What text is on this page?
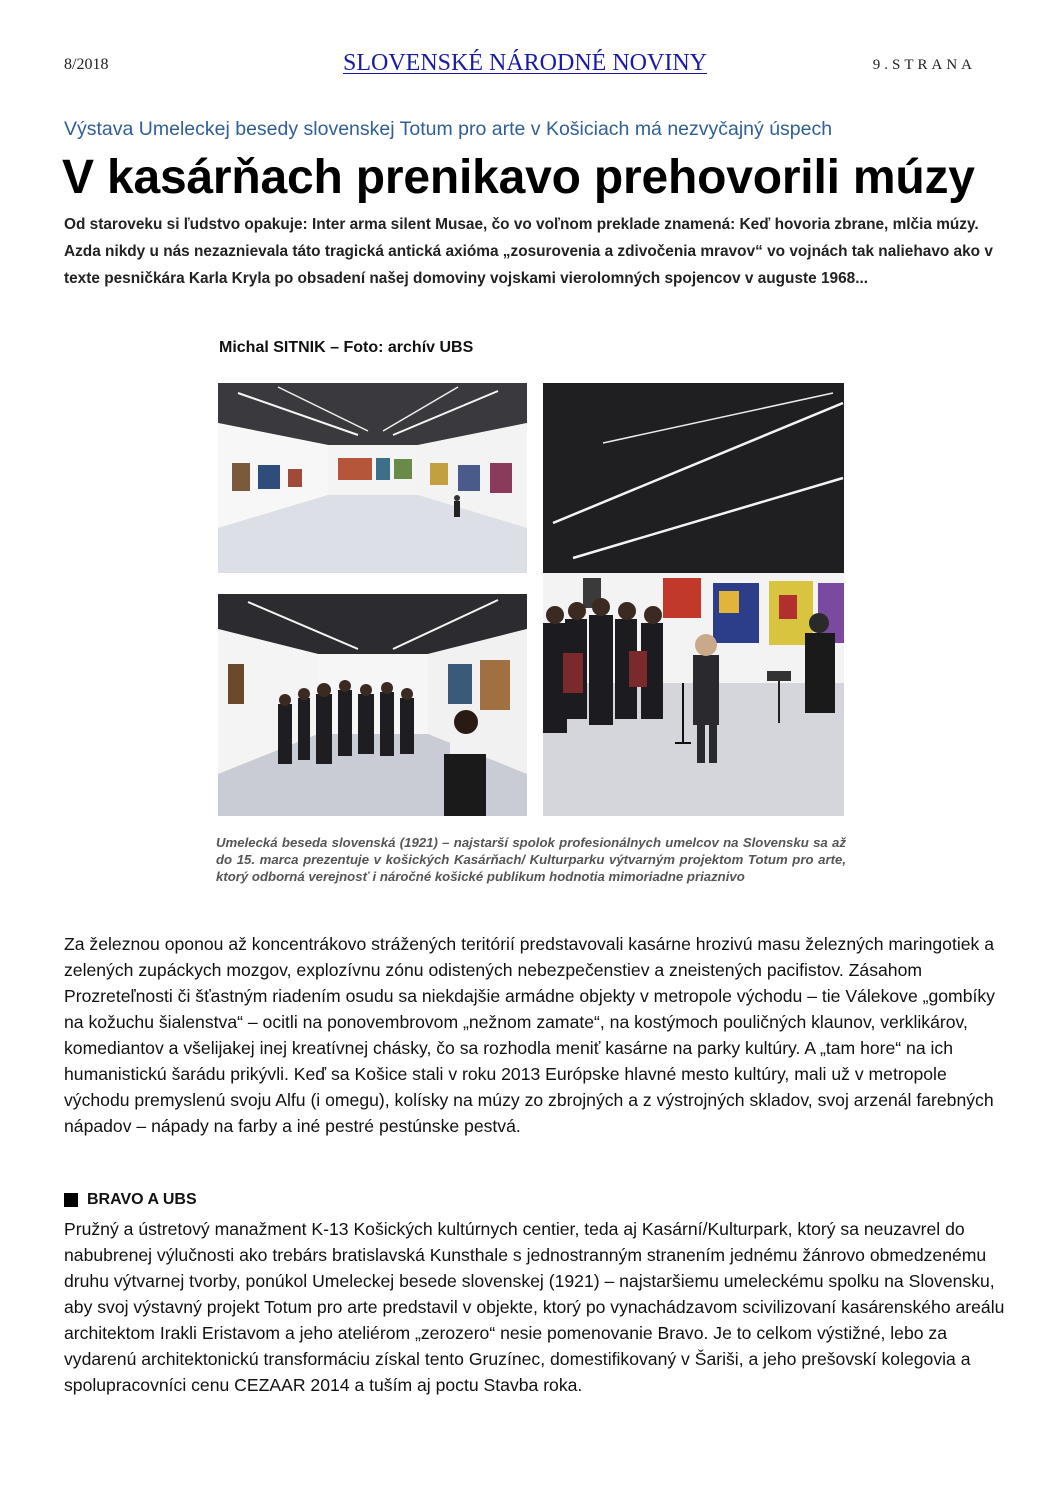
8/2018	SLOVENSKÉ NÁRODNÉ NOVINY	9.STRANA
Výstava Umeleckej besedy slovenskej Totum pro arte v Košiciach má nezvyčajný úspech
V kasárňach prenikavo prehovorili múzy
Od staroveku si ľudstvo opakuje: Inter arma silent Musae, čo vo voľnom preklade znamená: Keď hovoria zbrane, mlčia múzy. Azda nikdy u nás nezaznievala táto tragická antická axióma „zosurovenia a zdivočenia mravov“ vo vojnách tak naliehavo ako v texte pesničkára Karla Kryla po obsadení našej domoviny vojskami vierolomných spojencov v auguste 1968...
Michal SITNIK – Foto: archív UBS
Umelecká beseda slovenská (1921) – najstarší spolok profesionálnych umelcov na Slovensku sa až do 15. marca prezentuje v košických Kasárňach/ Kulturparku výtvarným projektom Totum pro arte, ktorý odborná verejnosť i náročné košické publikum hodnotia mimoriadne priaznivo

Za železnou oponou až koncentrákovo strážených teritórií predstavovali kasárne hrozivú masu železných maringotiek a zelených zupáckych mozgov, explozívnu zónu odistených nebezpečenstiev a zneistených pacifistov. Zásahom Prozreteľnosti či šťastným riadením osudu sa niekdajšie armádne objekty v metropole východu – tie Válekove „gombíky na kožuchu šialenstva“ – ocitli na ponovembrovom „nežnom zamate“, na kostýmoch pouličných klaunov, verklikárov, komediantov a všelijakej inej kreatívnej chásky, čo sa rozhodla meniť kasárne na parky kultúry. A „tam hore“ na ich humanistickú šarádu prikývli. Keď sa Košice stali v roku 2013 Európske hlavné mesto kultúry, mali už v metropole východu premyslenú svoju Alfu (i omegu), kolísky na múzy zo zbrojných a z výstrojných skladov, svoj arzenál farebných nápadov – nápady na farby a iné pestré pestúnske pestvá.

BRAVO A UBS

Pružný a ústretový manažment K-13 Košických kultúrnych centier, teda aj Kasární/Kulturpark, ktorý sa neuzavrel do nabubrenej výlučnosti ako trebárs bratislavská Kunsthale s jednostranným stranením jednému žánrovo obmedzenému druhu výtvarnej tvorby, ponúkol Umeleckej besede slovenskej (1921) – najstaršiemu umeleckému spolku na Slovensku, aby svoj výstavný projekt Totum pro arte predstavil v objekte, ktorý po vynachádzavom scivilizovaní kasárenského areálu architektom Irakli Eristavom a jeho ateliérom „zerozero“ nesie pomenovanie Bravo. Je to celkom výstižné, lebo za vydarenú architektonickú transformáciu získal tento Gruzínec, domestifikovaný v Šariši, a jeho prešovskí kolegovia a spolupracovníci cenu CEZAAR 2014 a tuším aj poctu Stavba roka.
